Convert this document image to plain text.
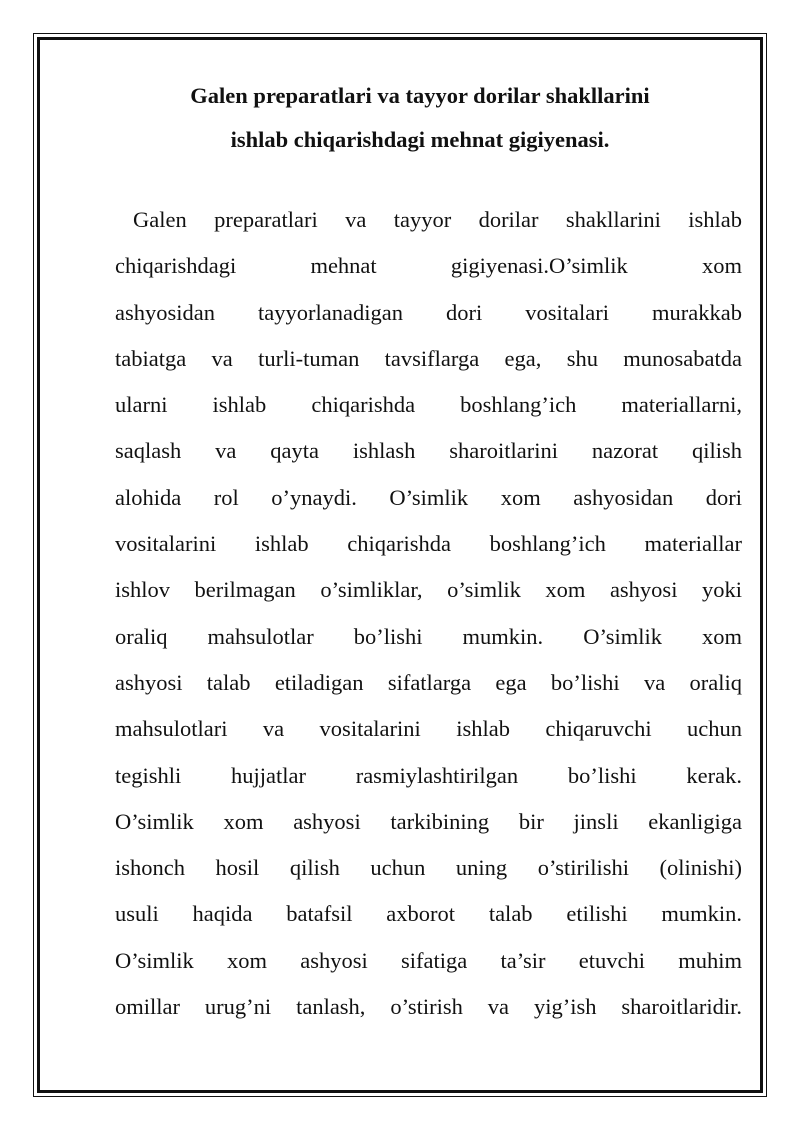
Galen preparatlari va tayyor dorilar shakllarini
ishlab chiqarishdagi mehnat gigiyenasi.
Galen preparatlari va tayyor dorilar shakllarini ishlab
chiqarishdagi mehnat gigiyenasi.O’simlik xom
ashyosidan tayyorlanadigan dori vositalari murakkab
tabiatga va turli-tuman tavsiflarga ega, shu munosabatda
ularni ishlab chiqarishda boshlang’ich materiallarni,
saqlash va qayta ishlash sharoitlarini nazorat qilish
alohida rol o’ynaydi. O’simlik xom ashyosidan dori
vositalarini ishlab chiqarishda boshlang’ich materiallar
ishlov berilmagan o’simliklar, o’simlik xom ashyosi yoki
oraliq mahsulotlar bo’lishi mumkin. O’simlik xom
ashyosi talab etiladigan sifatlarga ega bo’lishi va oraliq
mahsulotlari va vositalarini ishlab chiqaruvchi uchun
tegishli hujjatlar rasmiylashtirilgan bo’lishi kerak.
O’simlik xom ashyosi tarkibining bir jinsli ekanligiga
ishonch hosil qilish uchun uning o’stirilishi (olinishi)
usuli haqida batafsil axborot talab etilishi mumkin.
O’simlik xom ashyosi sifatiga ta’sir etuvchi muhim
omillar urug’ni tanlash, o’stirish va yig’ish sharoitlaridir.
